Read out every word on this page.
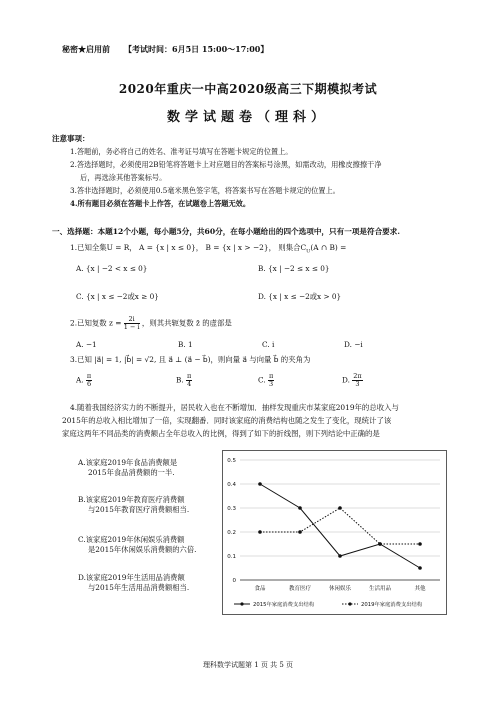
秘密★启用前 【考试时间：6月5日 15:00～17:00】
2020年重庆一中高2020级高三下期模拟考试
数学试题卷（理科）
注意事项：
1.答题前，务必将自己的姓名、准考证号填写在答题卡规定的位置上。
2.答选择题时，必须使用2B铅笔将答题卡上对应题目的答案标号涂黑，如需改动，用橡皮擦擦干净
后，再选涂其他答案标号。
3.答非选择题时，必须使用0.5毫米黑色签字笔，将答案书写在答题卡规定的位置上。
4.所有题目必须在答题卡上作答，在试题卷上答题无效。
一、选择题：本题12个小题，每小题5分，共60分，在每小题给出的四个选项中，只有一项是符合要求.
1.已知全集U = R， A = {x | x ≤ 0}， B = {x | x > −2}， 则集合$C_U(A$ ∩ B) =
A. {x | −2 < x ≤ 0}	B. {x | −2 ≤ x ≤ 0}
C. {x | x ≤ −2或x ≥ 0}	D. {x | x ≤ −2或x > 0}
2.已知复数 $z = \frac{2i}{1 - i}$ ，则其共轭复数 z̄ 的虚部是
A. −1	B. 1	C. i	D. −i
3.已知 |a⃗| = 1, |b⃗| = √2, 且 a⃗ ⊥ (a⃗ − b⃗)，则向量 a⃗ 与向量 b⃗ 的夹角为
A. $\frac{\pi}{6}$	B. $\frac{\pi}{4}$	C. $\frac{\pi}{3}$	D. $\frac{2\pi}{3}$
4.随着我国经济实力的不断提升，居民收入也在不断增加．抽样发现重庆市某家庭2019年的总收入与
2015年的总收入相比增加了一倍，实现翻番．同时该家庭的消费结构也随之发生了变化，现统计了该
家庭这两年不同品类的消费额占全年总收入的比例，得到了如下的折线图，则下列结论中正确的是
A.该家庭2019年食品消费额是
2015年食品消费额的一半.
B.该家庭2019年教育医疗消费额
与2015年教育医疗消费额相当.
C.该家庭2019年休闲娱乐消费额
是2015年休闲娱乐消费额的六倍.
D.该家庭2019年生活用品消费额
与2015年生活用品消费额相当.
0
0.1
0.2
0.3
0.4
0.5
食品	教育医疗	休闲娱乐	生活用品	其他
2015年家庭消费支出结构	2019年家庭消费支出结构
理科数学试题第 1 页 共 5 页
